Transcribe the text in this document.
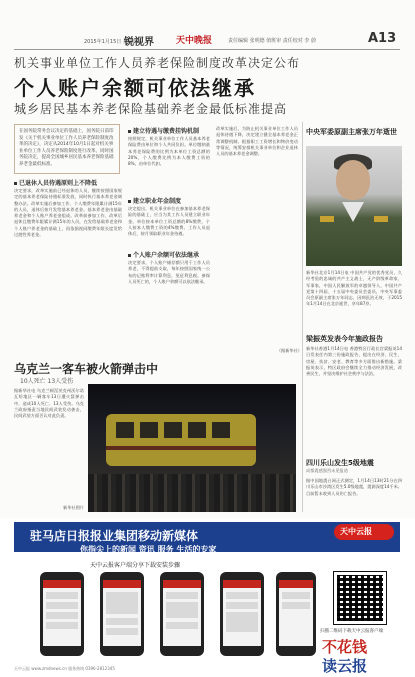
2015年1月15日 星期四
锐视界 天中晚报	责任编辑 张明德 值班审 责任校对 李 蔚	A13
机关事业单位工作人员养老保险制度改革决定公布
个人账户余额可依法继承
城乡居民基本养老保险基础养老金最低标准提高
在国务院常务会议决定的基础上，国务院日前印发《关于机关事业单位工作人员养老保险制度改革的决定》，决定从2014年10月1日起对机关事业单位工作人员养老保险制度进行改革。同时国务院决定，提高全国城乡居民基本养老保险基础养老金最低标准。
已退休人员待遇原则上不降低
决定要求，改革实施前已经退休的人员，继续按照国家规定的基本养老保险待遇标准发放，同时执行基本养老金调整办法。改革实施后参加工作、个人缴费年限累计满15年的人员，退休后按月发给基本养老金。基本养老金由基础养老金和个人账户养老金组成。改革前参加工作、改革后退休且缴费年限累计满15年的人员，在发给基础养老金和个人账户养老金的基础上，再依据视同缴费年限长度发给过渡性养老金。
建立待遇与缴费挂钩机制
按照规定，机关事业单位工作人员基本养老保险费由单位和个人共同负担。单位缴纳基本养老保险费的比例为本单位工资总额的20%，个人缴费比例为本人缴费工资的8%，由单位代扣。
建立职业年金制度
决定提出，机关事业单位在参加基本养老保险的基础上，应当为其工作人员建立职业年金。单位按本单位工资总额的8%缴费，个人按本人缴费工资的4%缴费。工作人员退休后，按月领取职业年金待遇。
个人账户余额可依法继承
决定要求，个人账户储存额只用于工作人员养老，不得提前支取，每年按照国家统一公布的记账利率计算利息，免征利息税。参保人员死亡的，个人账户余额可以依法继承。
改革实施后，为防止机关事业单位工作人员退休待遇下降，决定建立健全基本养老金正常调整机制。根据职工工资增长和物价变动等情况，统筹安排机关事业单位和企业退休人员的基本养老金调整。
（据新华社）
中央军委原副主席张万年逝世
新华社北京1月14日电 中国共产党的优秀党员，久经考验的忠诚的共产主义战士，无产阶级革命家、军事家，中国人民解放军的卓越领导人，中国共产党第十四届、十五届中央委员会委员，中央军事委员会原副主席张万年同志，因病医治无效，于2015年1月14日在北京逝世，享年87岁。
梁振英发表今年施政报告
新华社香港1月14日电 香港特区行政长官梁振英14日发表任内第三份施政报告，提出在经济、民生、房屋、扶贫、安老、教育等多方面推出新措施。梁振英表示，特区政府会继续全力推动经济发展，改善民生，并坚决维护社会秩序与法治。
四川乐山发生5级地震
成都震感强烈未见报道
据中国地震台网正式测定，1月14日13时21分在四川乐山市沙湾区发生5.0级地震，震源深度14千米。目前暂未收到人员伤亡报告。
乌克兰一客车被火箭弹击中
10人死亡 13人受伤
据新华社电 乌克兰顿涅茨克州沃尔诺瓦哈地区一辆客车13日遭火箭弹击中，造成10人死亡、13人受伤。乌克兰政府指责当地民间武装发动袭击，民间武装方面否认对此负责。
新华社图片
驻马店日报报业集团移动新媒体	天中云报
你指尖上的新闻 资讯 服务 生活的专家
天中云报客户端分享下载安装步骤
扫描二维码下载天中云报客户端
不花钱
读云报
天中云报 www.zmdnews.cn 服务热线 0396-2812345
